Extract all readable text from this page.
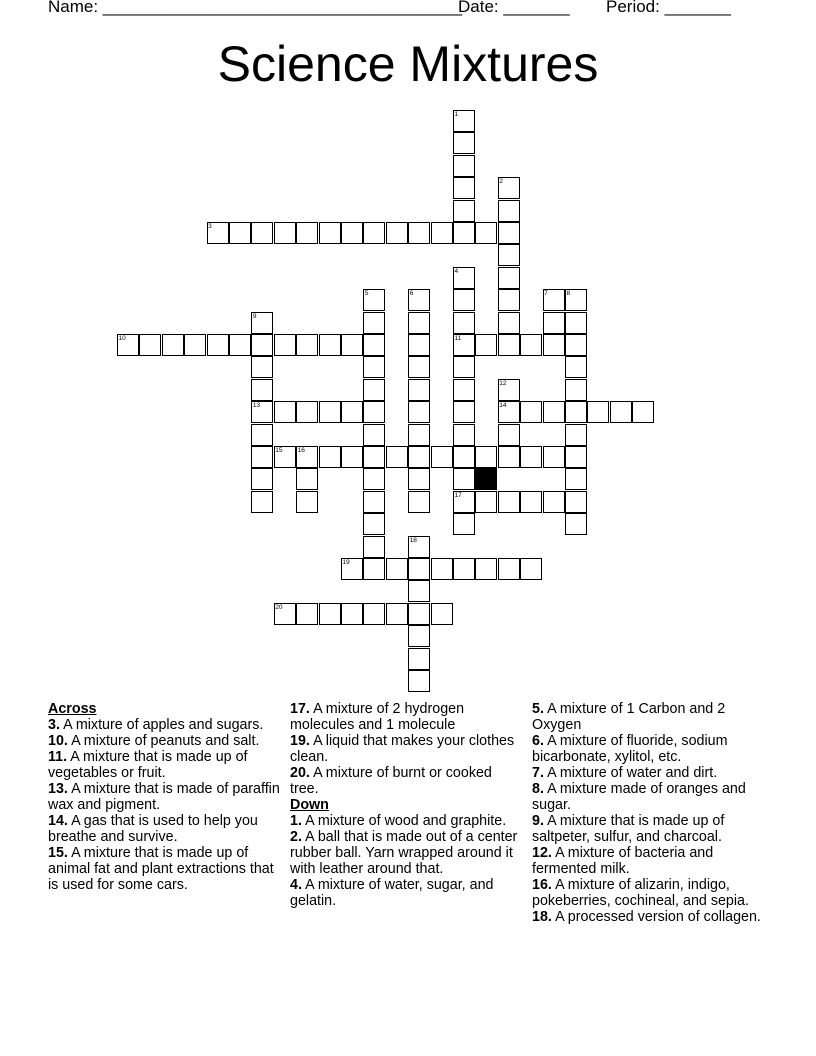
Name: ______________________________________
Date: _______ Period: _______
Science Mixtures
1
2
3
4
5	6	7	8
9
10	11
12
13	14
15 16
17
18
19
20

Across

3. A mixture of apples and sugars.

10. A mixture of peanuts and salt.

11. A mixture that is made up of vegetables or fruit.

13. A mixture that is made of paraffin wax and pigment.

14. A gas that is used to help you breathe and survive.

15. A mixture that is made up of animal fat and plant extractions that is used for some cars.

17. A mixture of 2 hydrogen molecules and 1 molecule

19. A liquid that makes your clothes clean.

20. A mixture of burnt or cooked tree.

Down

1. A mixture of wood and graphite.

2. A ball that is made out of a center rubber ball. Yarn wrapped around it with leather around that.

4. A mixture of water, sugar, and gelatin.

5. A mixture of 1 Carbon and 2 Oxygen

6. A mixture of fluoride, sodium bicarbonate, xylitol, etc.

7. A mixture of water and dirt.

8. A mixture made of oranges and sugar.

9. A mixture that is made up of saltpeter, sulfur, and charcoal.

12. A mixture of bacteria and fermented milk.

16. A mixture of alizarin, indigo, pokeberries, cochineal, and sepia.

18. A processed version of collagen.
